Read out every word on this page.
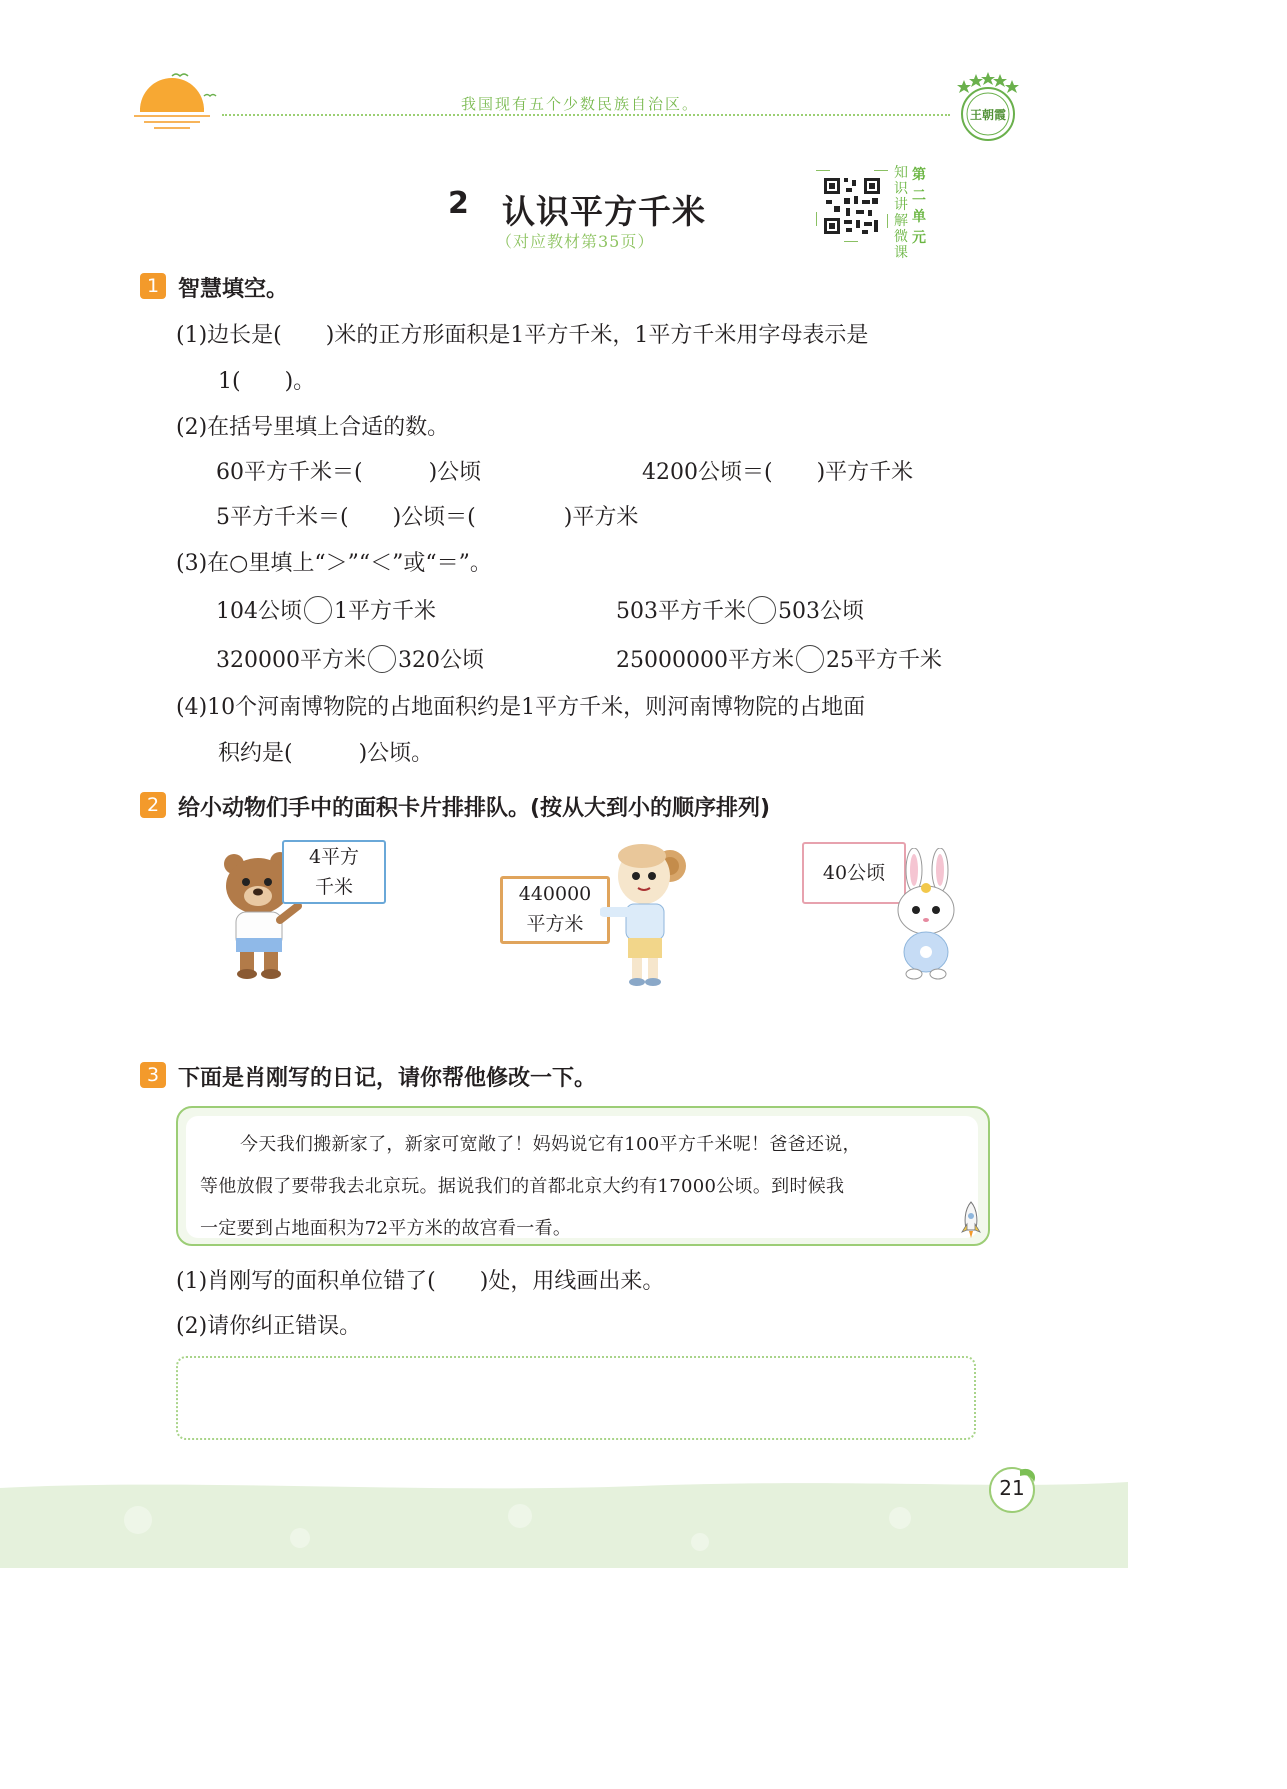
我国现有五个少数民族自治区。
王朝霞
2 认识平方千米
（对应教材第35页）
知
识
讲
解
微
课
第
二
单
元
1 智慧填空。
(1)边长是(　　)米的正方形面积是1平方千米，1平方千米用字母表示是
1(　　)。
(2)在括号里填上合适的数。
60平方千米＝(　　　)公顷	4200公顷＝(　　)平方千米
5平方千米＝(　　)公顷＝(　　　　)平方米
(3)在○里填上“＞”“＜”或“＝”。
104公顷 1平方千米	503平方千米 503公顷
320000平方米 320公顷	25000000平方米 25平方千米
(4)10个河南博物院的占地面积约是1平方千米，则河南博物院的占地面
积约是(　　　)公顷。
2 给小动物们手中的面积卡片排排队。(按从大到小的顺序排列)
4平方
千米	440000
平方米
40公顷
3 下面是肖刚写的日记，请你帮他修改一下。
今天我们搬新家了，新家可宽敞了！妈妈说它有100平方千米呢！爸爸还说，
等他放假了要带我去北京玩。据说我们的首都北京大约有17000公顷。到时候我
一定要到占地面积为72平方米的故宫看一看。
(1)肖刚写的面积单位错了(　　)处，用线画出来。
(2)请你纠正错误。
21
